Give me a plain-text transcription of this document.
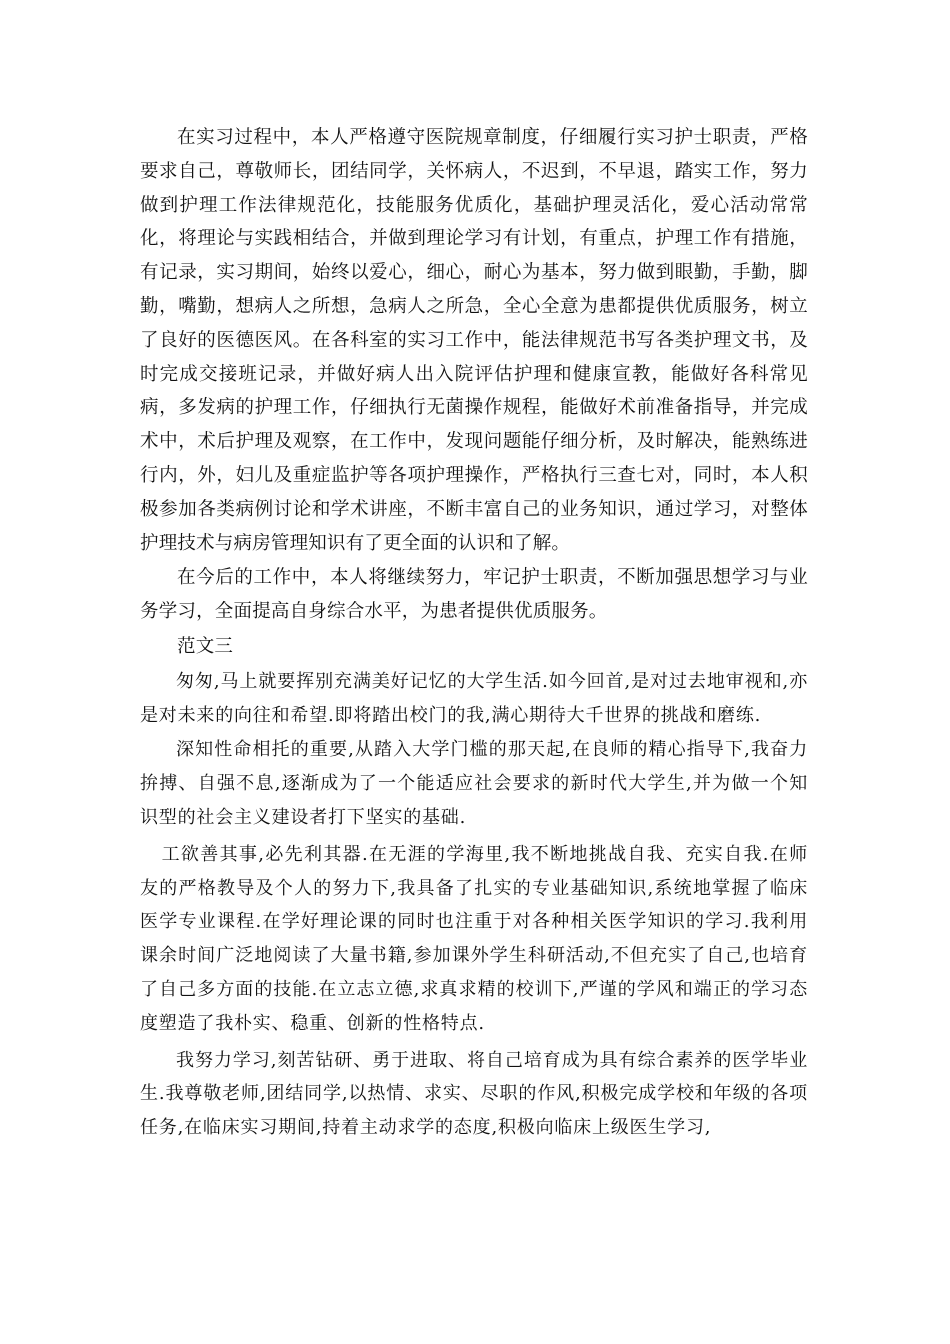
在实习过程中，本人严格遵守医院规章制度，仔细履行实习护士职责，严格要求自己，尊敬师长，团结同学，关怀病人，不迟到，不早退，踏实工作，努力做到护理工作法律规范化，技能服务优质化，基础护理灵活化，爱心活动常常化，将理论与实践相结合，并做到理论学习有计划，有重点，护理工作有措施，有记录，实习期间，始终以爱心，细心，耐心为基本，努力做到眼勤，手勤，脚勤，嘴勤，想病人之所想，急病人之所急，全心全意为患都提供优质服务，树立了良好的医德医风。在各科室的实习工作中，能法律规范书写各类护理文书，及时完成交接班记录，并做好病人出入院评估护理和健康宣教，能做好各科常见病，多发病的护理工作，仔细执行无菌操作规程，能做好术前准备指导，并完成术中，术后护理及观察，在工作中，发现问题能仔细分析，及时解决，能熟练进行内，外，妇儿及重症监护等各项护理操作，严格执行三查七对，同时，本人积极参加各类病例讨论和学术讲座，不断丰富自己的业务知识，通过学习，对整体护理技术与病房管理知识有了更全面的认识和了解。

在今后的工作中，本人将继续努力，牢记护士职责，不断加强思想学习与业务学习，全面提高自身综合水平，为患者提供优质服务。

范文三

匆匆,马上就要挥别充满美好记忆的大学生活.如今回首,是对过去地审视和,亦是对未来的向往和希望.即将踏出校门的我,满心期待大千世界的挑战和磨练.

深知性命相托的重要,从踏入大学门槛的那天起,在良师的精心指导下,我奋力拚搏、自强不息,逐渐成为了一个能适应社会要求的新时代大学生,并为做一个知识型的社会主义建设者打下坚实的基础.

工欲善其事,必先利其器.在无涯的学海里,我不断地挑战自我、充实自我.在师友的严格教导及个人的努力下,我具备了扎实的专业基础知识,系统地掌握了临床医学专业课程.在学好理论课的同时也注重于对各种相关医学知识的学习.我利用课余时间广泛地阅读了大量书籍,参加课外学生科研活动,不但充实了自己,也培育了自己多方面的技能.在立志立德,求真求精的校训下,严谨的学风和端正的学习态度塑造了我朴实、稳重、创新的性格特点.

我努力学习,刻苦钻研、勇于进取、将自己培育成为具有综合素养的医学毕业生.我尊敬老师,团结同学,以热情、求实、尽职的作风,积极完成学校和年级的各项任务,在临床实习期间,持着主动求学的态度,积极向临床上级医生学习,
